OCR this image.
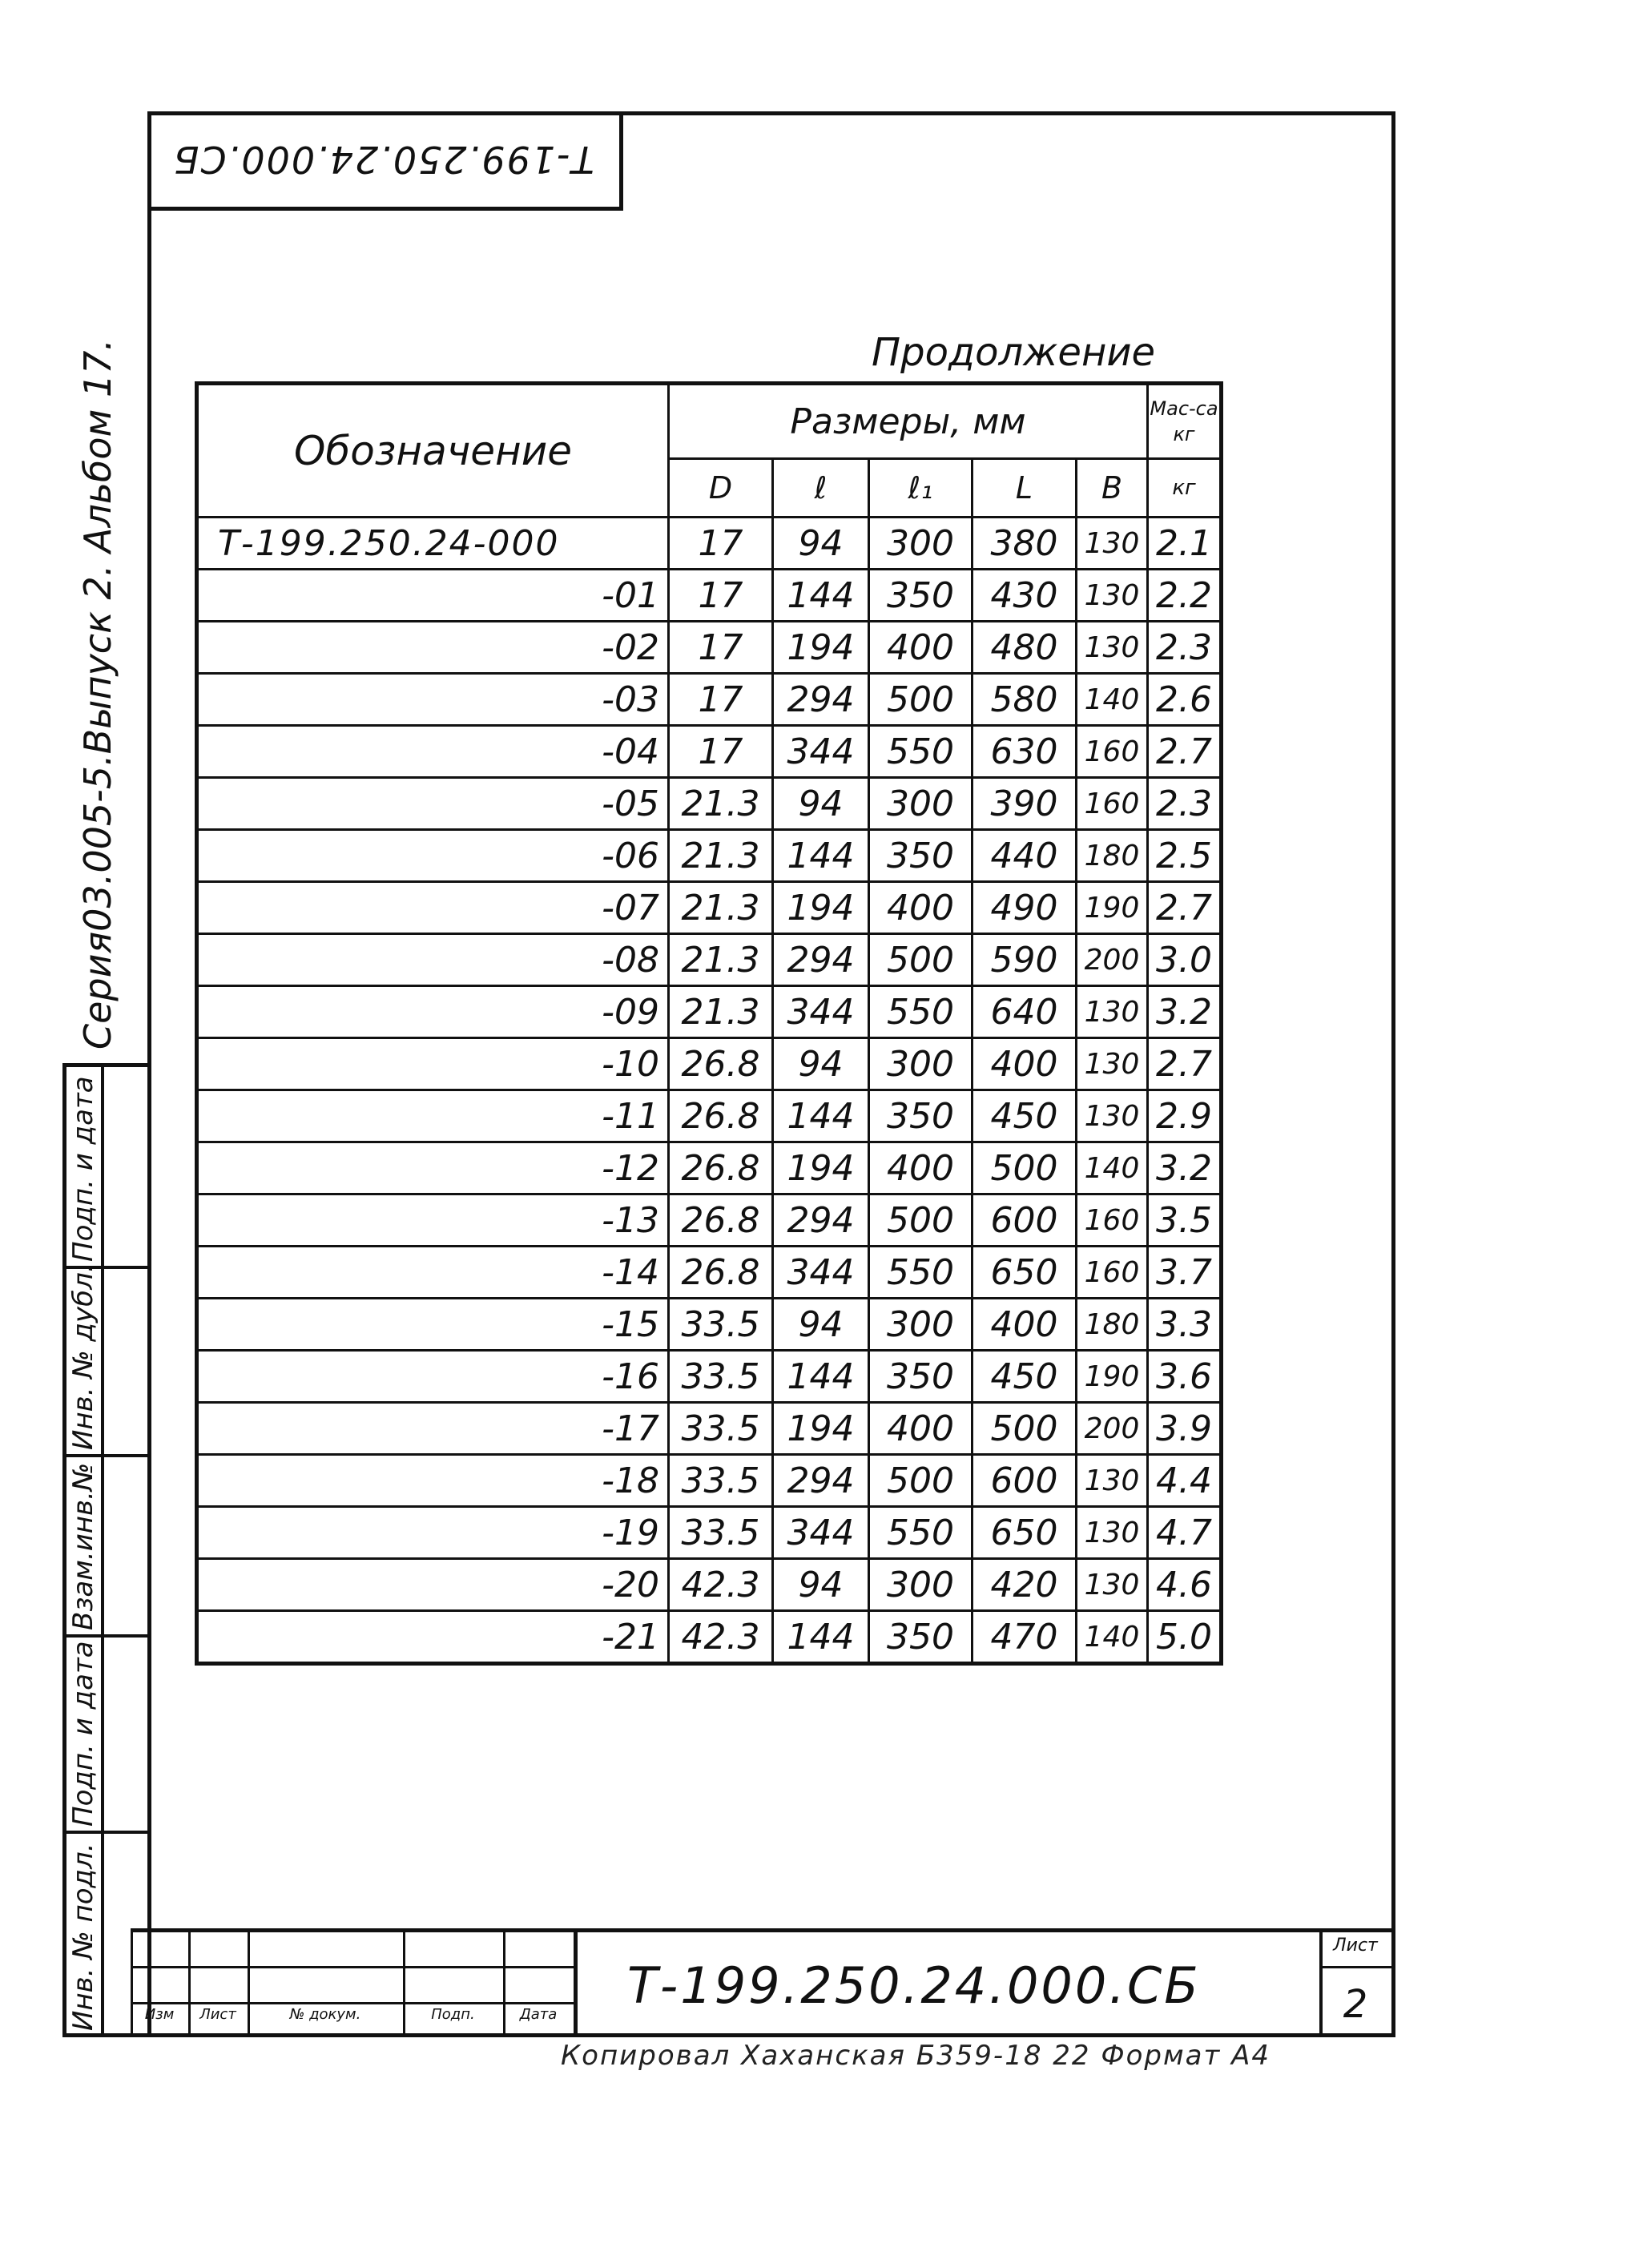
Т-199.250.24.000.СБ
Серия03.005-5.Выпуск 2. Альбом 17.
Подп. и дата
Инв. № дубл.
Взам.инв.№
Подп. и дата
Инв. № подл.
Продолжение
Обозначение	Размеры, мм					Мас-са кг
	D	ℓ	ℓ₁	L	B	кг
Т-199.250.24-000	17	94	300	380	130	2.1
-01	17	144	350	430	130	2.2
-02	17	194	400	480	130	2.3
-03	17	294	500	580	140	2.6
-04	17	344	550	630	160	2.7
-05	21.3	94	300	390	160	2.3
-06	21.3	144	350	440	180	2.5
-07	21.3	194	400	490	190	2.7
-08	21.3	294	500	590	200	3.0
-09	21.3	344	550	640	130	3.2
-10	26.8	94	300	400	130	2.7
-11	26.8	144	350	450	130	2.9
-12	26.8	194	400	500	140	3.2
-13	26.8	294	500	600	160	3.5
-14	26.8	344	550	650	160	3.7
-15	33.5	94	300	400	180	3.3
-16	33.5	144	350	450	190	3.6
-17	33.5	194	400	500	200	3.9
-18	33.5	294	500	600	130	4.4
-19	33.5	344	550	650	130	4.7
-20	42.3	94	300	420	130	4.6
-21	42.3	144	350	470	140	5.0
Изм	Лист	№ докум.	Подп.	Дата	Т-199.250.24.000.СБ
Лист
2
Копировал Хаханская Б359-18 22 Формат А4
